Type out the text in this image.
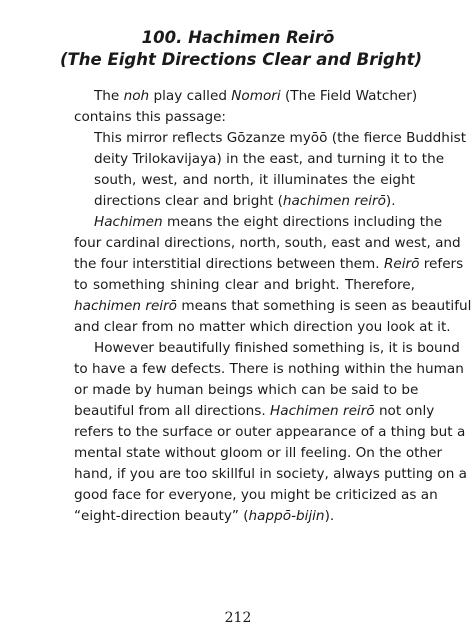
100. Hachimen Reirō
(The Eight Directions Clear and Bright)
The noh play called Nomori (The Field Watcher)
contains this passage:
This mirror reflects Gōzanze myōō (the fierce Buddhist
deity Trilokavijaya) in the east, and turning it to the
south, west, and north, it illuminates the eight
directions clear and bright (hachimen reirō).
Hachimen means the eight directions including the
four cardinal directions, north, south, east and west, and
the four interstitial directions between them. Reirō refers
to something shining clear and bright. Therefore,
hachimen reirō means that something is seen as beautiful
and clear from no matter which direction you look at it.
However beautifully finished something is, it is bound
to have a few defects. There is nothing within the human
or made by human beings which can be said to be
beautiful from all directions. Hachimen reirō not only
refers to the surface or outer appearance of a thing but a
mental state without gloom or ill feeling. On the other
hand, if you are too skillful in society, always putting on a
good face for everyone, you might be criticized as an
“eight-direction beauty” (happō-bijin).
212
